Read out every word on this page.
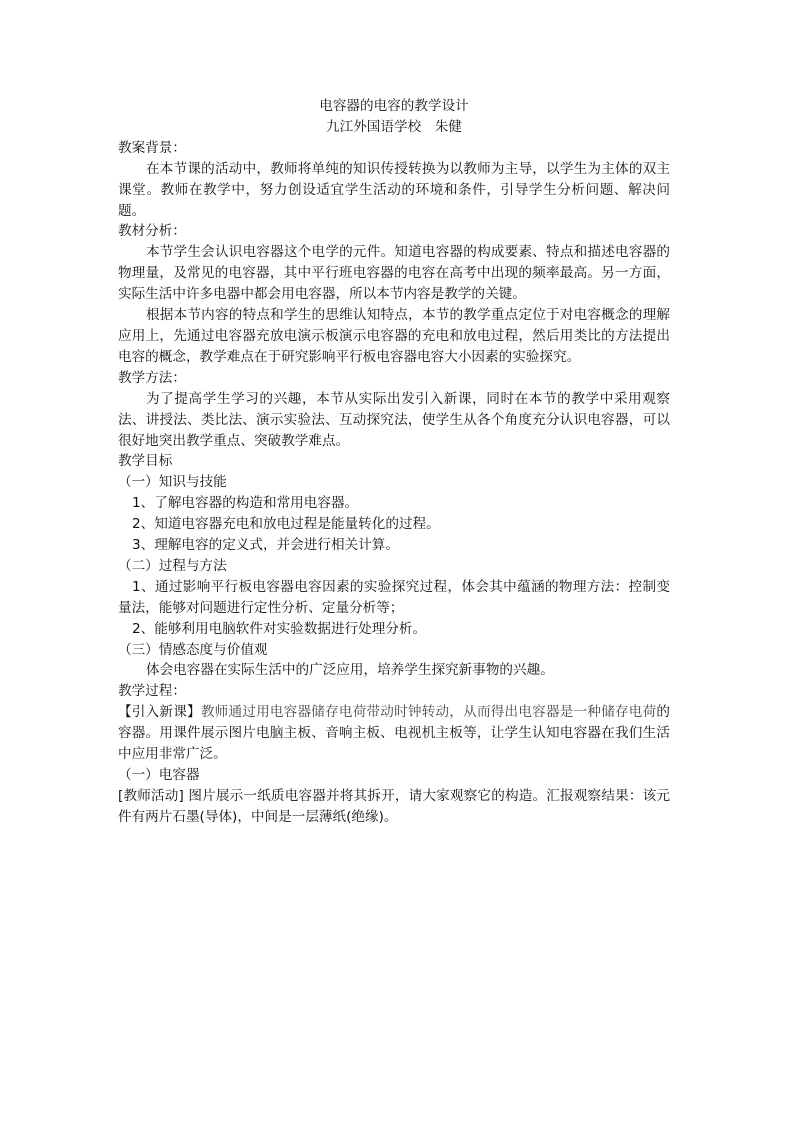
电容器的电容的教学设计

九江外国语学校　朱健

教案背景：

在本节课的活动中，教师将单纯的知识传授转换为以教师为主导，以学生为主体的双主课堂。教师在教学中，努力创设适宜学生活动的环境和条件，引导学生分析问题、解决问题。

教材分析：

本节学生会认识电容器这个电学的元件。知道电容器的构成要素、特点和描述电容器的物理量，及常见的电容器，其中平行班电容器的电容在高考中出现的频率最高。另一方面，实际生活中许多电器中都会用电容器，所以本节内容是教学的关键。

根据本节内容的特点和学生的思维认知特点，本节的教学重点定位于对电容概念的理解应用上，先通过电容器充放电演示板演示电容器的充电和放电过程，然后用类比的方法提出电容的概念，教学难点在于研究影响平行板电容器电容大小因素的实验探究。

教学方法：

为了提高学生学习的兴趣，本节从实际出发引入新课，同时在本节的教学中采用观察法、讲授法、类比法、演示实验法、互动探究法，使学生从各个角度充分认识电容器，可以很好地突出教学重点、突破教学难点。

教学目标

（一）知识与技能

1、了解电容器的构造和常用电容器。

2、知道电容器充电和放电过程是能量转化的过程。

3、理解电容的定义式，并会进行相关计算。

（二）过程与方法

1、通过影响平行板电容器电容因素的实验探究过程，体会其中蕴涵的物理方法：控制变量法，能够对问题进行定性分析、定量分析等；

2、能够利用电脑软件对实验数据进行处理分析。

（三）情感态度与价值观

体会电容器在实际生活中的广泛应用，培养学生探究新事物的兴趣。

教学过程：

【引入新课】教师通过用电容器储存电荷带动时钟转动，从而得出电容器是一种储存电荷的容器。用课件展示图片电脑主板、音响主板、电视机主板等，让学生认知电容器在我们生活中应用非常广泛。

（一）电容器

[教师活动] 图片展示一纸质电容器并将其拆开，请大家观察它的构造。汇报观察结果：该元件有两片石墨(导体)，中间是一层薄纸(绝缘)。
